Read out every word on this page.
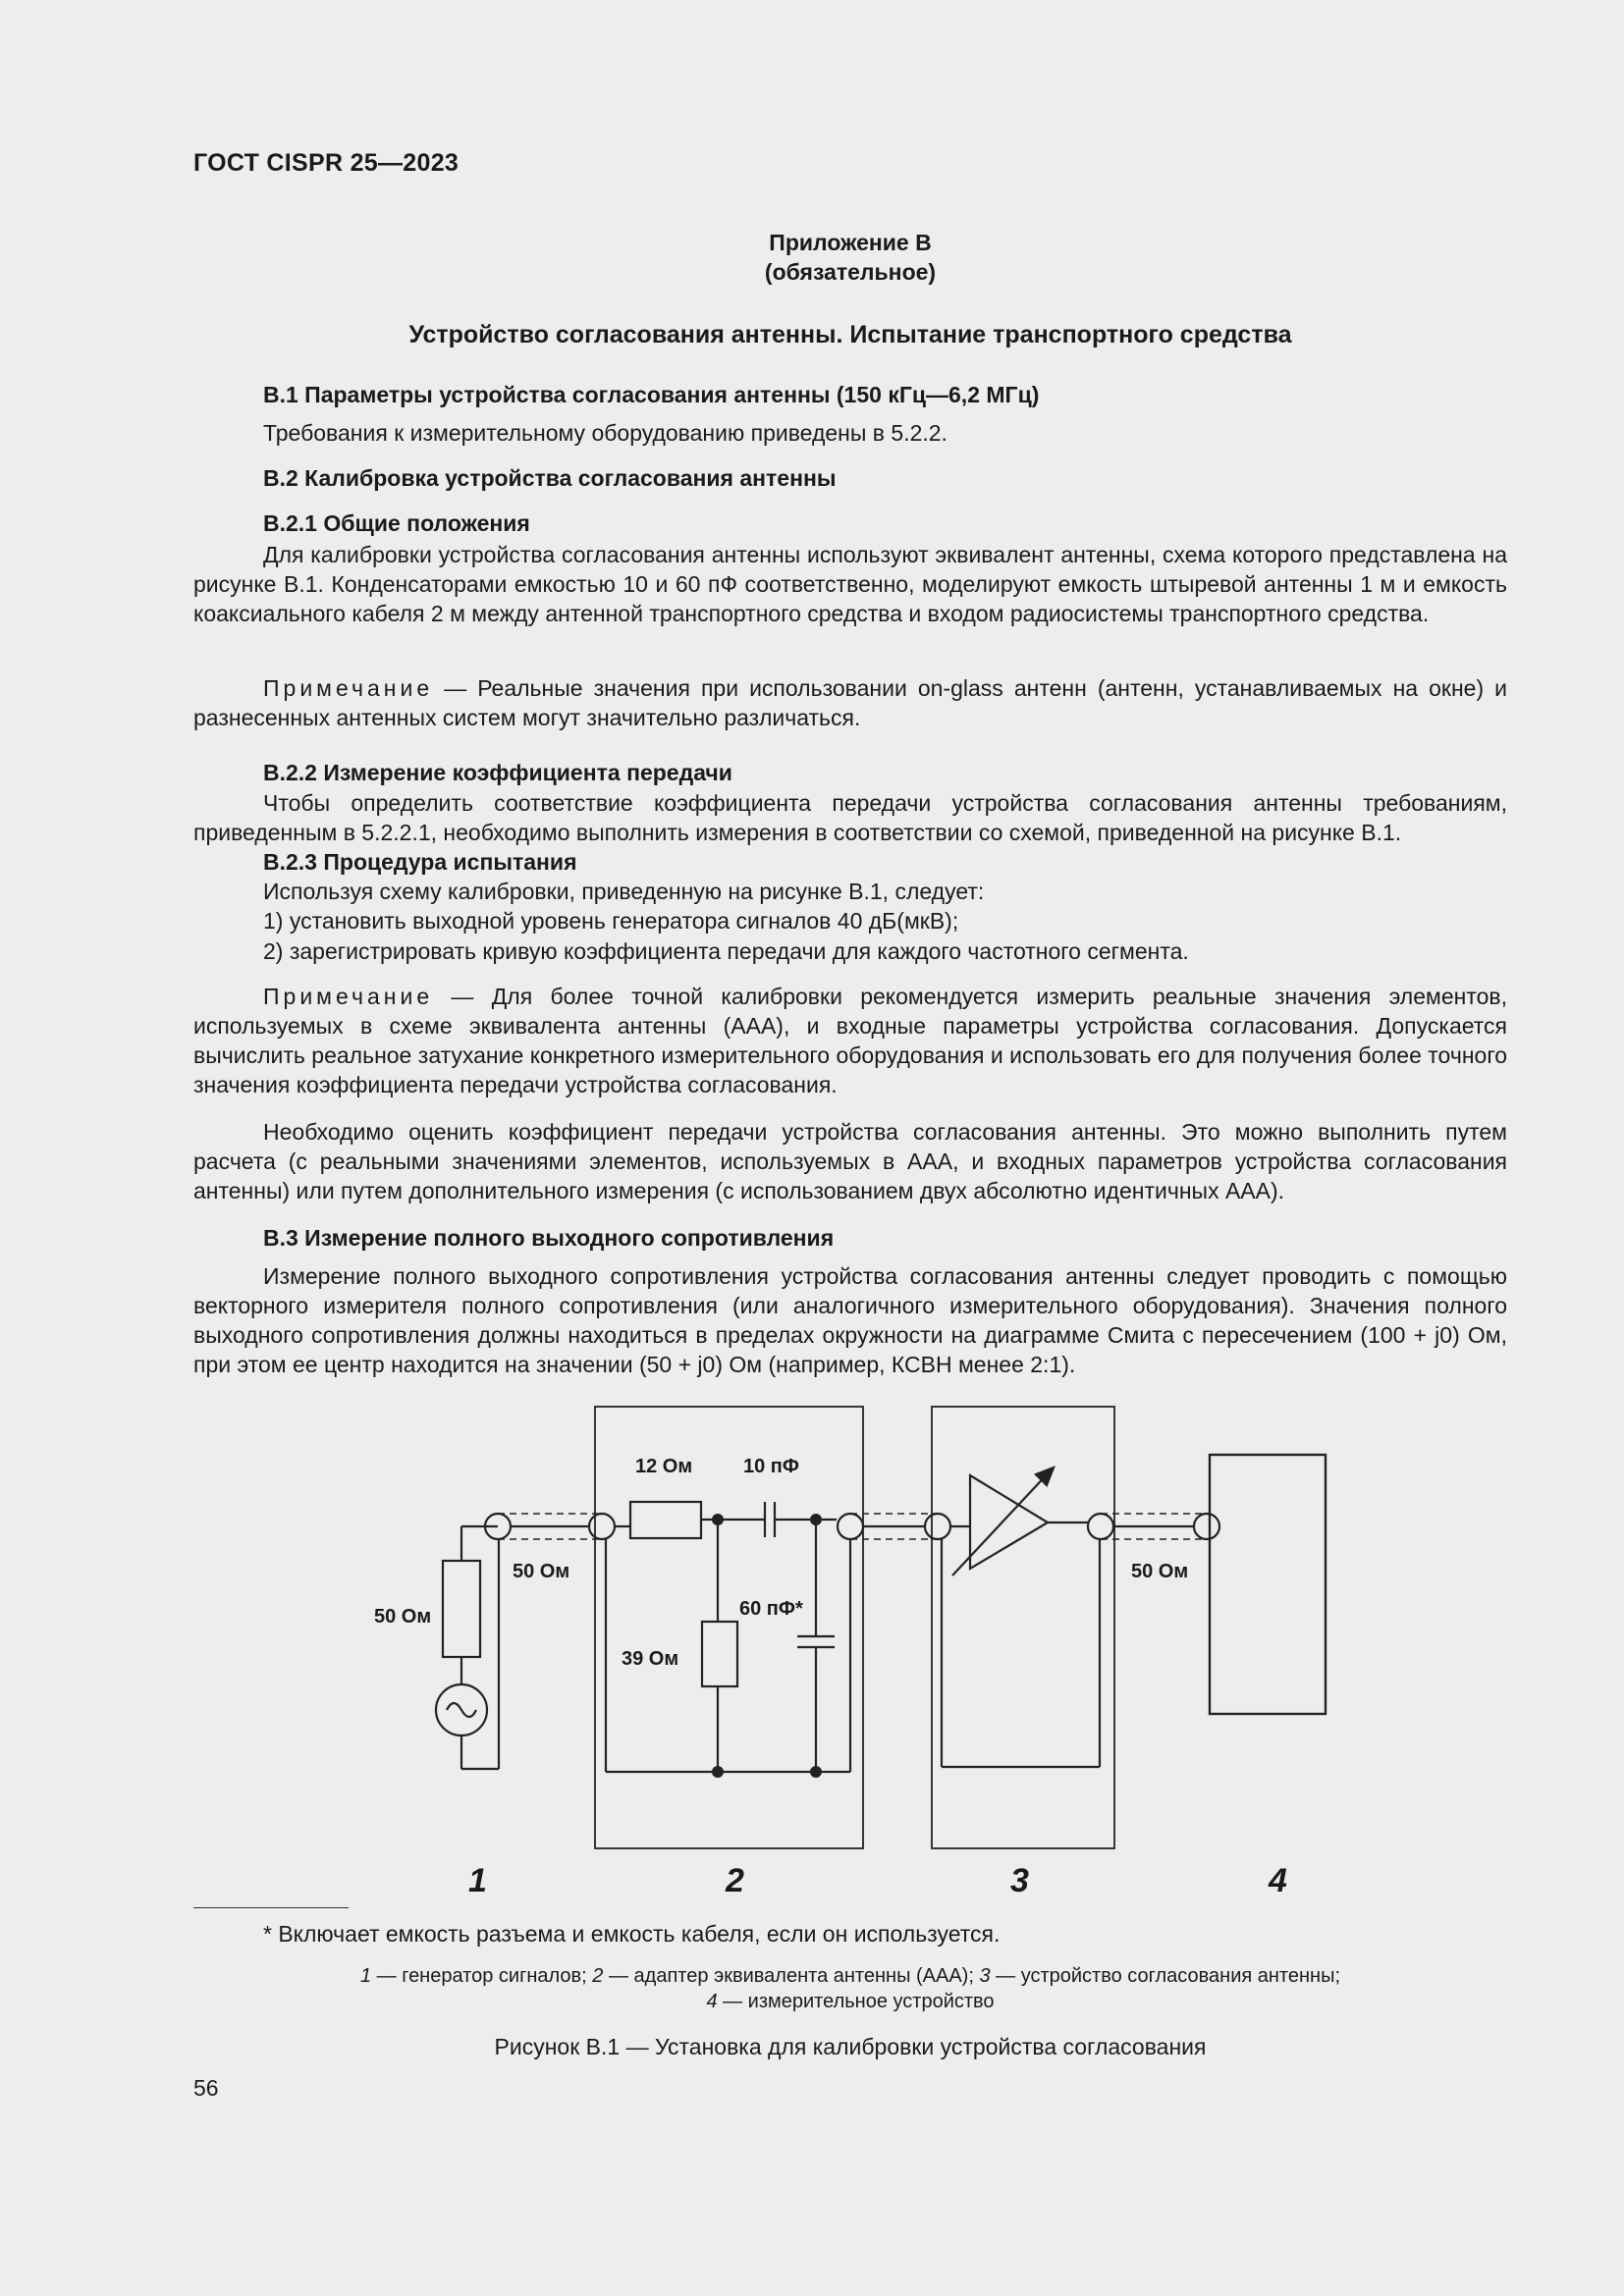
ГОСТ CISPR 25—2023
Приложение В
(обязательное)
Устройство согласования антенны. Испытание транспортного средства
В.1 Параметры устройства согласования антенны (150 кГц—6,2 МГц)
Требования к измерительному оборудованию приведены в 5.2.2.
В.2 Калибровка устройства согласования антенны
В.2.1 Общие положения
Для калибровки устройства согласования антенны используют эквивалент антенны, схема которого представлена на рисунке В.1. Конденсаторами емкостью 10 и 60 пФ соответственно, моделируют емкость штыревой антенны 1 м и емкость коаксиального кабеля 2 м между антенной транспортного средства и входом радиосистемы транспортного средства.
Примечание — Реальные значения при использовании on-glass антенн (антенн, устанавливаемых на окне) и разнесенных антенных систем могут значительно различаться.
В.2.2 Измерение коэффициента передачи
Чтобы определить соответствие коэффициента передачи устройства согласования антенны требованиям, приведенным в 5.2.2.1, необходимо выполнить измерения в соответствии со схемой, приведенной на рисунке В.1.
В.2.3 Процедура испытания
Используя схему калибровки, приведенную на рисунке В.1, следует:
1) установить выходной уровень генератора сигналов 40 дБ(мкВ);
2) зарегистрировать кривую коэффициента передачи для каждого частотного сегмента.
Примечание — Для более точной калибровки рекомендуется измерить реальные значения элементов, используемых в схеме эквивалента антенны (ААА), и входные параметры устройства согласования. Допускается вычислить реальное затухание конкретного измерительного оборудования и использовать его для получения более точного значения коэффициента передачи устройства согласования.
Необходимо оценить коэффициент передачи устройства согласования антенны. Это можно выполнить путем расчета (с реальными значениями элементов, используемых в ААА, и входных параметров устройства согласования антенны) или путем дополнительного измерения (с использованием двух абсолютно идентичных ААА).
В.3 Измерение полного выходного сопротивления
Измерение полного выходного сопротивления устройства согласования антенны следует проводить с помощью векторного измерителя полного сопротивления (или аналогичного измерительного оборудования). Значения полного выходного сопротивления должны находиться в пределах окружности на диаграмме Смита с пересечением (100 + j0) Ом, при этом ее центр находится на значении (50 + j0) Ом (например, КСВН менее 2:1).
12 Ом	10 пФ
60 пФ*
39 Ом
50 Ом
50 Ом	50 Ом
1	2	3	4
* Включает емкость разъема и емкость кабеля, если он используется.
1 — генератор сигналов; 2 — адаптер эквивалента антенны (ААА); 3 — устройство согласования антенны;
4 — измерительное устройство
Рисунок В.1 — Установка для калибровки устройства согласования
56
